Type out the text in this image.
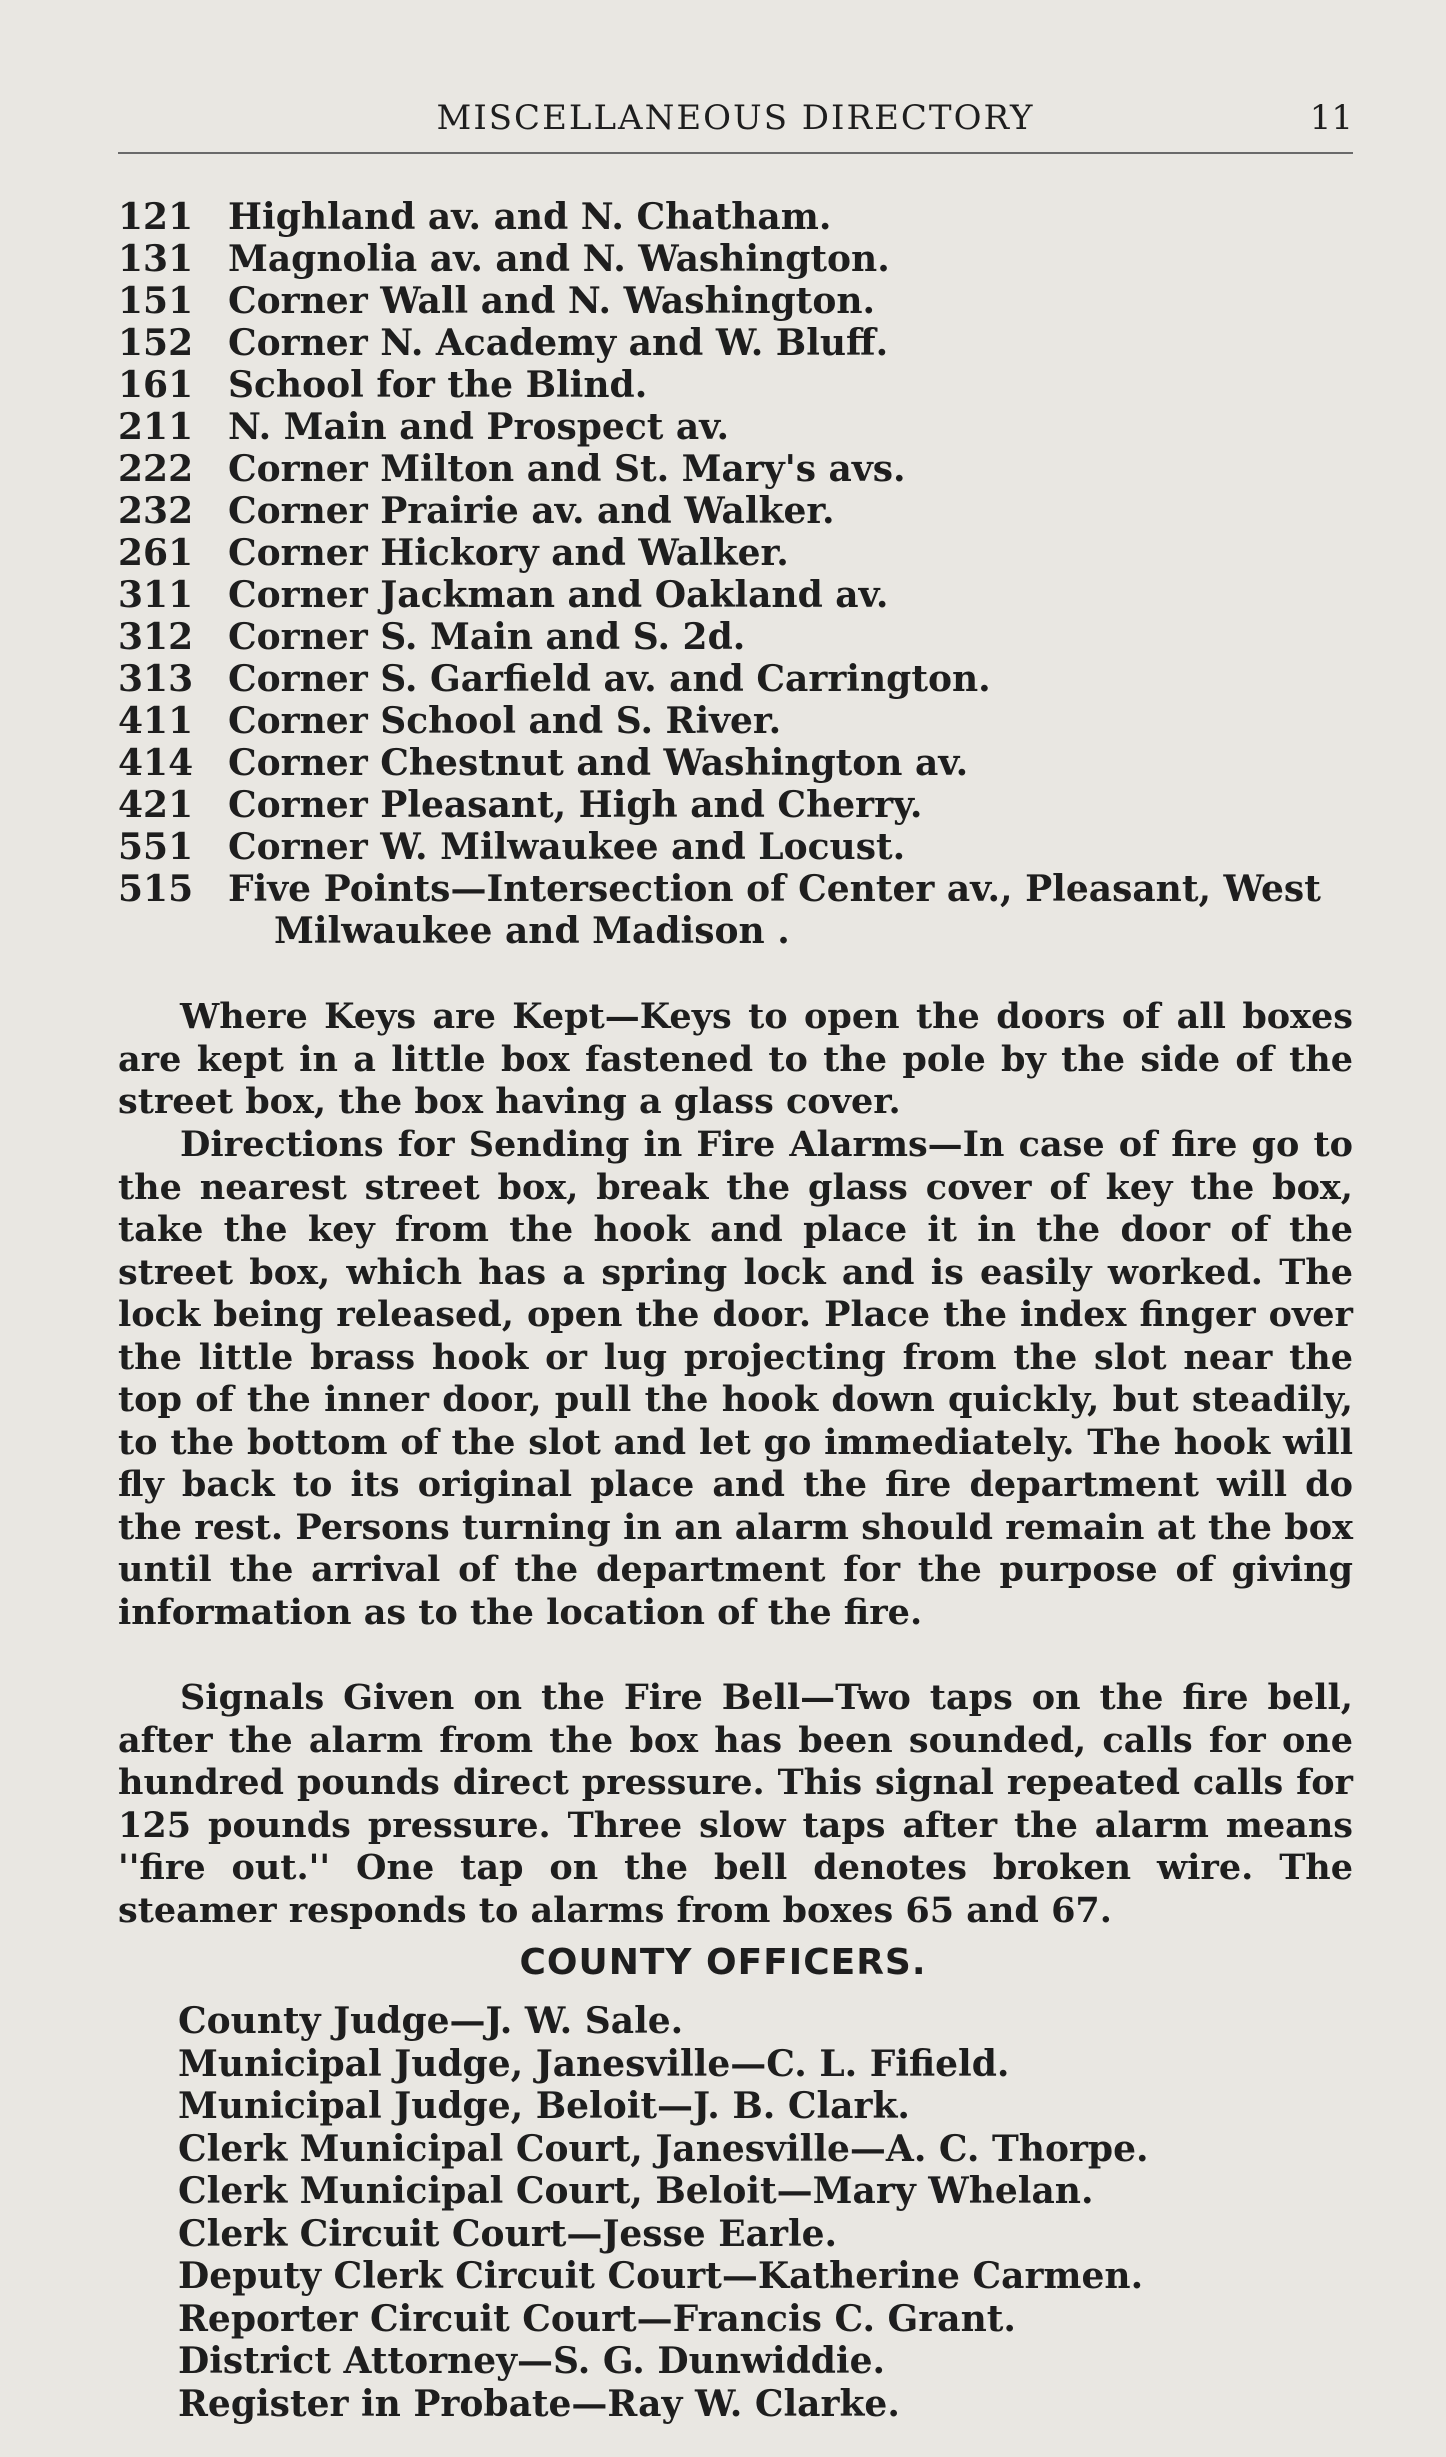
MISCELLANEOUS DIRECTORY	11
121 Highland av. and N. Chatham.
131 Magnolia av. and N. Washington.
151 Corner Wall and N. Washington.
152 Corner N. Academy and W. Bluff.
161 School for the Blind.
211 N. Main and Prospect av.
222 Corner Milton and St. Mary's avs.
232 Corner Prairie av. and Walker.
261 Corner Hickory and Walker.
311 Corner Jackman and Oakland av.
312 Corner S. Main and S. 2d.
313 Corner S. Garfield av. and Carrington.
411 Corner School and S. River.
414 Corner Chestnut and Washington av.
421 Corner Pleasant, High and Cherry.
551 Corner W. Milwaukee and Locust.
515 Five Points—Intersection of Center av., Pleasant, West
Milwaukee and Madison .

Where Keys are Kept—Keys to open the doors of all boxes are kept in a little box fastened to the pole by the side of the street box, the box having a glass cover.

Directions for Sending in Fire Alarms—In case of fire go to the nearest street box, break the glass cover of key the box, take the key from the hook and place it in the door of the street box, which has a spring lock and is easily worked. The lock being released, open the door. Place the index finger over the little brass hook or lug projecting from the slot near the top of the inner door, pull the hook down quickly, but steadily, to the bottom of the slot and let go immediately. The hook will fly back to its original place and the fire department will do the rest. Persons turning in an alarm should remain at the box until the arrival of the department for the purpose of giving information as to the location of the fire.

Signals Given on the Fire Bell—Two taps on the fire bell, after the alarm from the box has been sounded, calls for one hundred pounds direct pressure. This signal repeated calls for 125 pounds pressure. Three slow taps after the alarm means ''fire out.'' One tap on the bell denotes broken wire. The steamer responds to alarms from boxes 65 and 67.

COUNTY OFFICERS.
County Judge—J. W. Sale.
Municipal Judge, Janesville—C. L. Fifield.
Municipal Judge, Beloit—J. B. Clark.
Clerk Municipal Court, Janesville—A. C. Thorpe.
Clerk Municipal Court, Beloit—Mary Whelan.
Clerk Circuit Court—Jesse Earle.
Deputy Clerk Circuit Court—Katherine Carmen.
Reporter Circuit Court—Francis C. Grant.
District Attorney—S. G. Dunwiddie.
Register in Probate—Ray W. Clarke.
